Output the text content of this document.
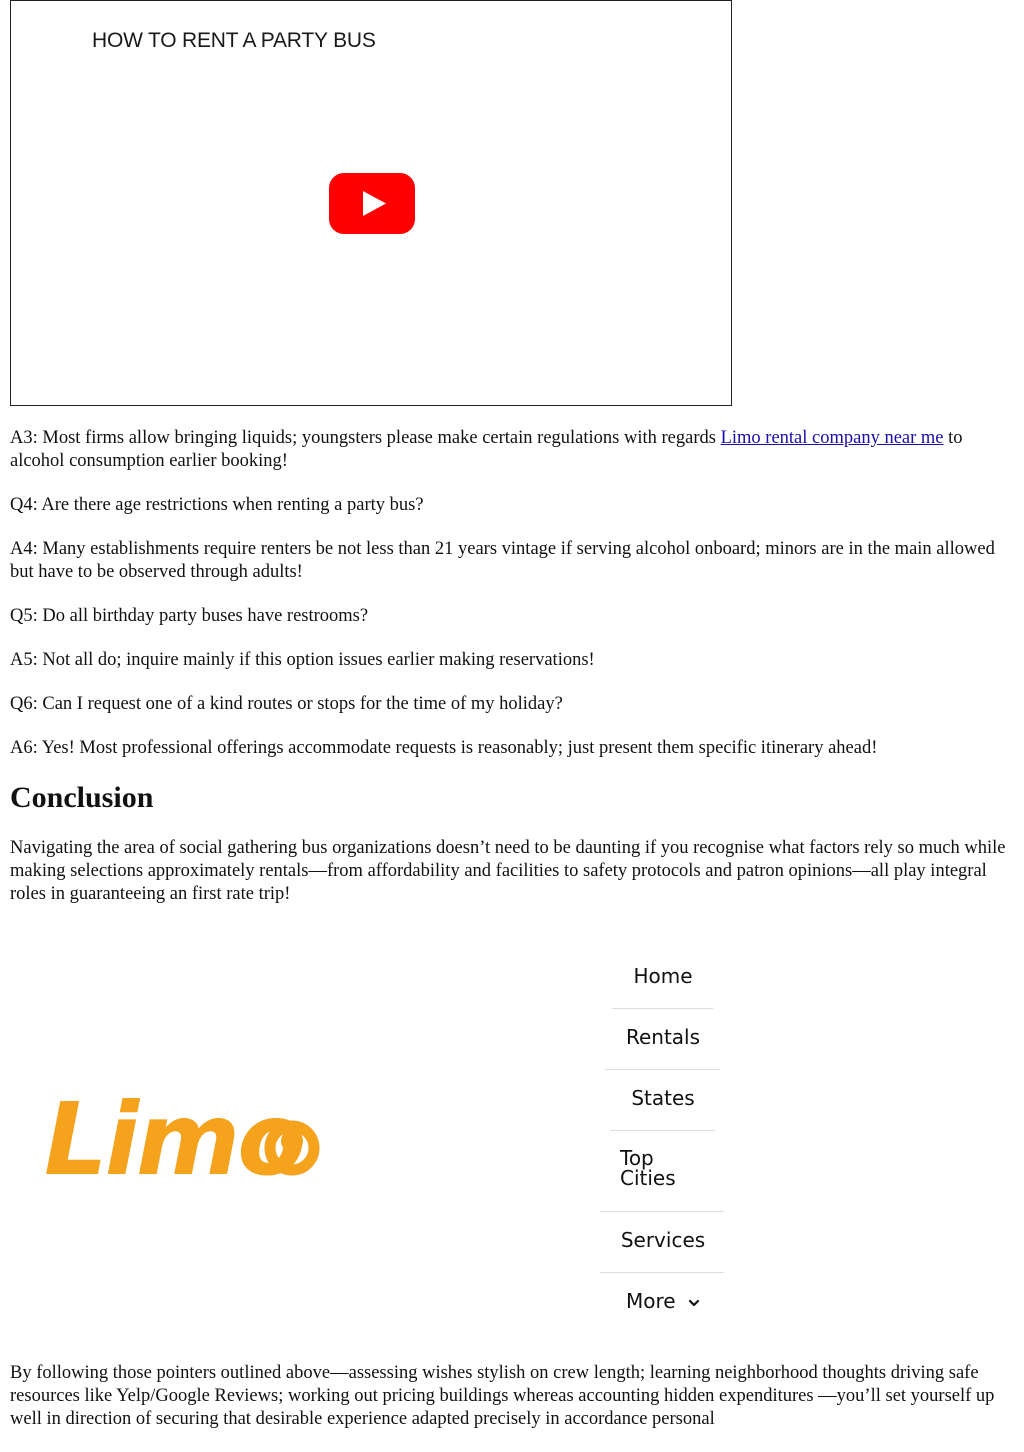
HOW TO RENT A PARTY BUS

A3: Most firms allow bringing liquids; youngsters please make certain regulations with regards Limo rental company near me to alcohol consumption earlier booking!

Q4: Are there age restrictions when renting a party bus?

A4: Many establishments require renters be not less than 21 years vintage if serving alcohol onboard; minors are in the main allowed but have to be observed through adults!

Q5: Do all birthday party buses have restrooms?

A5: Not all do; inquire mainly if this option issues earlier making reservations!

Q6: Can I request one of a kind routes or stops for the time of my holiday?

A6: Yes! Most professional offerings accommodate requests is reasonably; just present them specific itinerary ahead!

Conclusion

Navigating the area of social gathering bus organizations doesn’t need to be daunting if you recognise what factors rely so much while making selections approximately rentals—from affordability and facilities to safety protocols and patron opinions—all play integral roles in guaranteeing an first rate trip!

Limo
Home
Rentals
States
Top
Cities
Services
More

By following those pointers outlined above—assessing wishes stylish on crew length; learning neighborhood thoughts driving safe resources like Yelp/Google Reviews; working out pricing buildings whereas accounting hidden expenditures —you’ll set yourself up well in direction of securing that desirable experience adapted precisely in accordance personal
